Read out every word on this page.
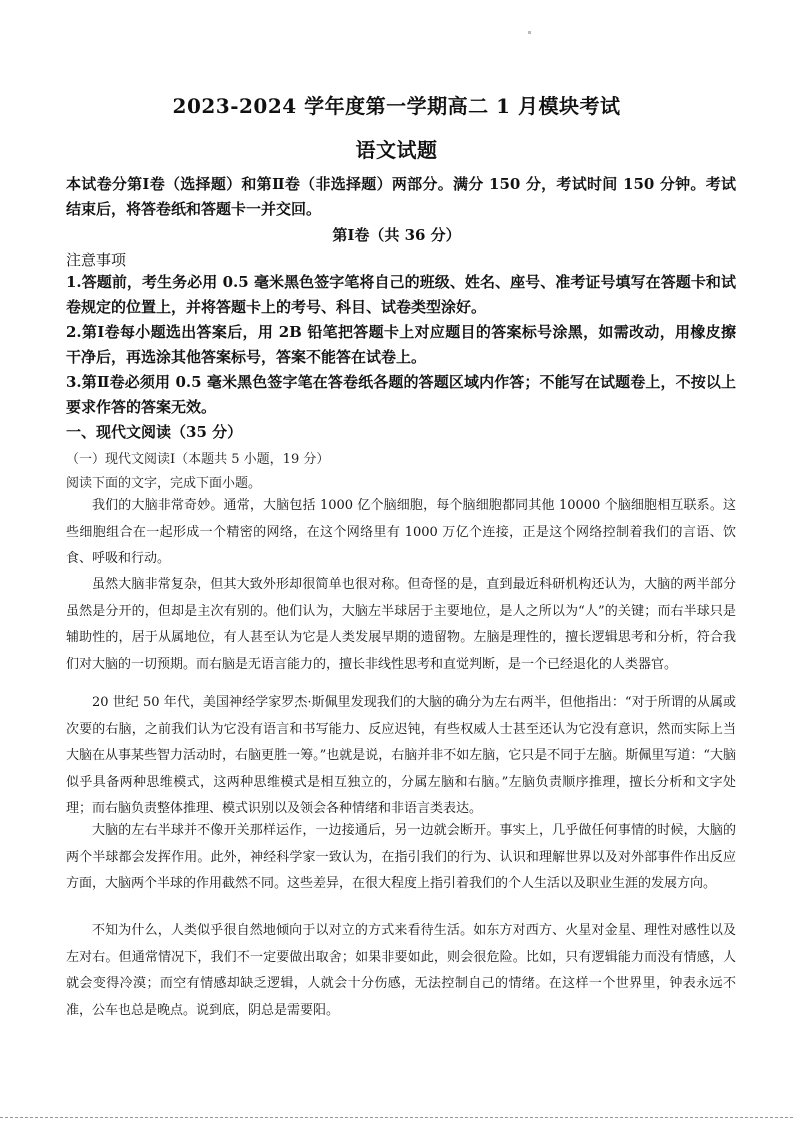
2023-2024 学年度第一学期高二 1 月模块考试
语文试题
本试卷分第Ⅰ卷（选择题）和第Ⅱ卷（非选择题）两部分。满分 150 分，考试时间 150 分钟。考试结束后，将答卷纸和答题卡一并交回。
第Ⅰ卷（共 36 分）
注意事项
1.答题前，考生务必用 0.5 毫米黑色签字笔将自己的班级、姓名、座号、准考证号填写在答题卡和试卷规定的位置上，并将答题卡上的考号、科目、试卷类型涂好。
2.第Ⅰ卷每小题选出答案后，用 2B 铅笔把答题卡上对应题目的答案标号涂黑，如需改动，用橡皮擦干净后，再选涂其他答案标号，答案不能答在试卷上。
3.第Ⅱ卷必须用 0.5 毫米黑色签字笔在答卷纸各题的答题区域内作答；不能写在试题卷上，不按以上要求作答的答案无效。
一、现代文阅读（35 分）
（一）现代文阅读Ⅰ（本题共 5 小题，19 分）
阅读下面的文字，完成下面小题。
我们的大脑非常奇妙。通常，大脑包括 1000 亿个脑细胞，每个脑细胞都同其他 10000 个脑细胞相互联系。这些细胞组合在一起形成一个精密的网络，在这个网络里有 1000 万亿个连接，正是这个网络控制着我们的言语、饮食、呼吸和行动。
虽然大脑非常复杂，但其大致外形却很简单也很对称。但奇怪的是，直到最近科研机构还认为，大脑的两半部分虽然是分开的，但却是主次有别的。他们认为，大脑左半球居于主要地位，是人之所以为“人”的关键；而右半球只是辅助性的，居于从属地位，有人甚至认为它是人类发展早期的遗留物。左脑是理性的，擅长逻辑思考和分析，符合我们对大脑的一切预期。而右脑是无语言能力的，擅长非线性思考和直觉判断，是一个已经退化的人类器官。
20 世纪 50 年代，美国神经学家罗杰·斯佩里发现我们的大脑的确分为左右两半，但他指出：“对于所谓的从属或次要的右脑，之前我们认为它没有语言和书写能力、反应迟钝，有些权威人士甚至还认为它没有意识，然而实际上当大脑在从事某些智力活动时，右脑更胜一筹。”也就是说，右脑并非不如左脑，它只是不同于左脑。斯佩里写道：“大脑似乎具备两种思维模式，这两种思维模式是相互独立的，分属左脑和右脑。”左脑负责顺序推理，擅长分析和文字处理；而右脑负责整体推理、模式识别以及领会各种情绪和非语言类表达。
大脑的左右半球并不像开关那样运作，一边接通后，另一边就会断开。事实上，几乎做任何事情的时候，大脑的两个半球都会发挥作用。此外，神经科学家一致认为，在指引我们的行为、认识和理解世界以及对外部事件作出反应方面，大脑两个半球的作用截然不同。这些差异，在很大程度上指引着我们的个人生活以及职业生涯的发展方向。
不知为什么，人类似乎很自然地倾向于以对立的方式来看待生活。如东方对西方、火星对金星、理性对感性以及左对右。但通常情况下，我们不一定要做出取舍；如果非要如此，则会很危险。比如，只有逻辑能力而没有情感，人就会变得冷漠；而空有情感却缺乏逻辑，人就会十分伤感，无法控制自己的情绪。在这样一个世界里，钟表永远不准，公车也总是晚点。说到底，阴总是需要阳。
